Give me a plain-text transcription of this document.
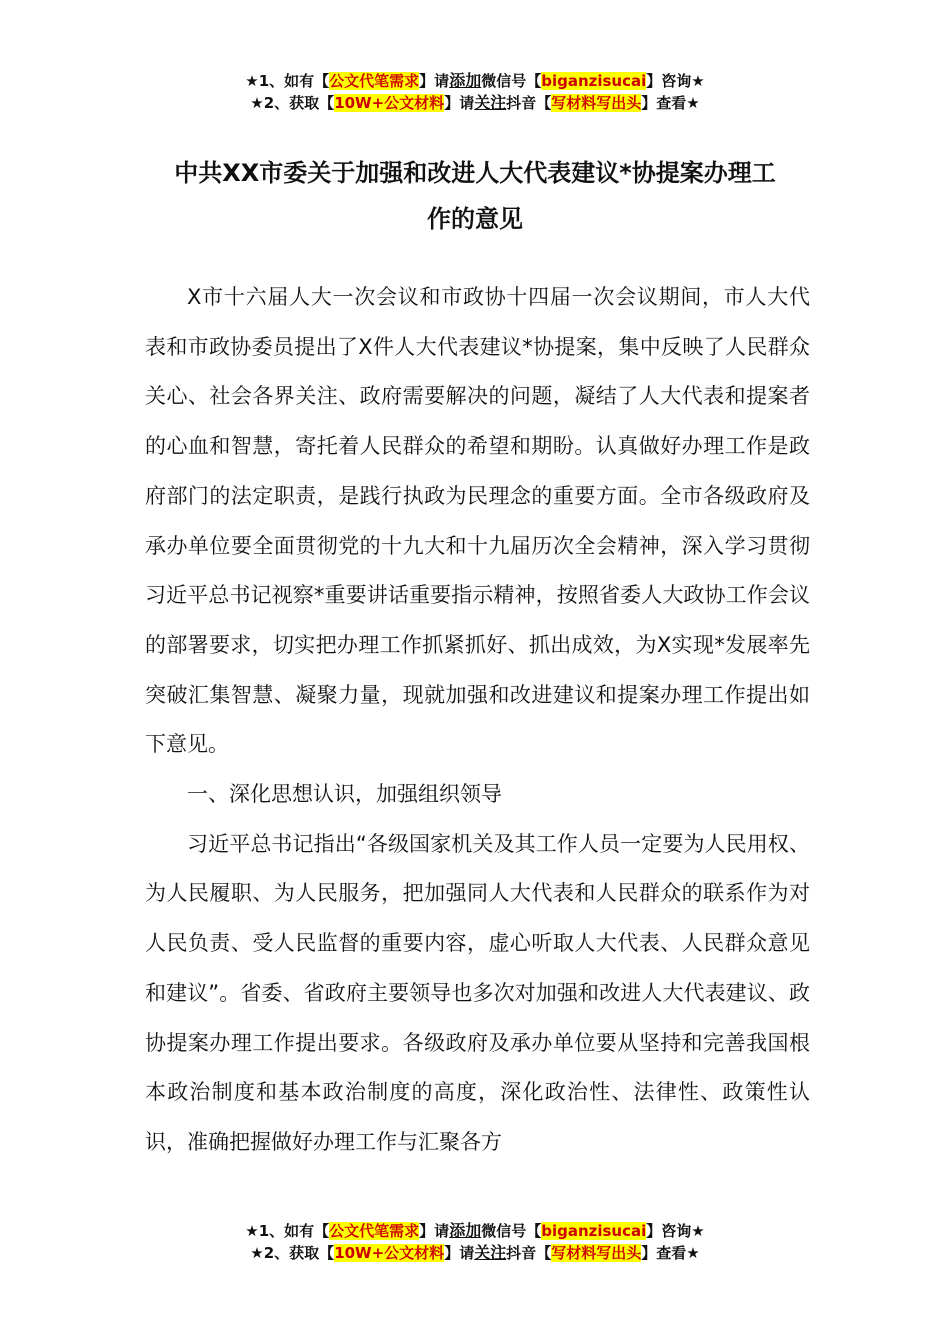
★1、如有【公文代笔需求】请添加微信号【biganzisucai】咨询★
★2、获取【10W+公文材料】请关注抖音【写材料写出头】查看★
中共XX市委关于加强和改进人大代表建议*协提案办理工
作的意见

X市十六届人大一次会议和市政协十四届一次会议期间，市人大代表和市政协委员提出了X件人大代表建议*协提案，集中反映了人民群众关心、社会各界关注、政府需要解决的问题，凝结了人大代表和提案者的心血和智慧，寄托着人民群众的希望和期盼。认真做好办理工作是政府部门的法定职责，是践行执政为民理念的重要方面。全市各级政府及承办单位要全面贯彻党的十九大和十九届历次全会精神，深入学习贯彻习近平总书记视察*重要讲话重要指示精神，按照省委人大政协工作会议的部署要求，切实把办理工作抓紧抓好、抓出成效，为X实现*发展率先突破汇集智慧、凝聚力量，现就加强和改进建议和提案办理工作提出如下意见。

一、深化思想认识，加强组织领导

习近平总书记指出“各级国家机关及其工作人员一定要为人民用权、为人民履职、为人民服务，把加强同人大代表和人民群众的联系作为对人民负责、受人民监督的重要内容，虚心听取人大代表、人民群众意见和建议”。省委、省政府主要领导也多次对加强和改进人大代表建议、政协提案办理工作提出要求。各级政府及承办单位要从坚持和完善我国根本政治制度和基本政治制度的高度，深化政治性、法律性、政策性认识，准确把握做好办理工作与汇聚各方

★1、如有【公文代笔需求】请添加微信号【biganzisucai】咨询★
★2、获取【10W+公文材料】请关注抖音【写材料写出头】查看★
